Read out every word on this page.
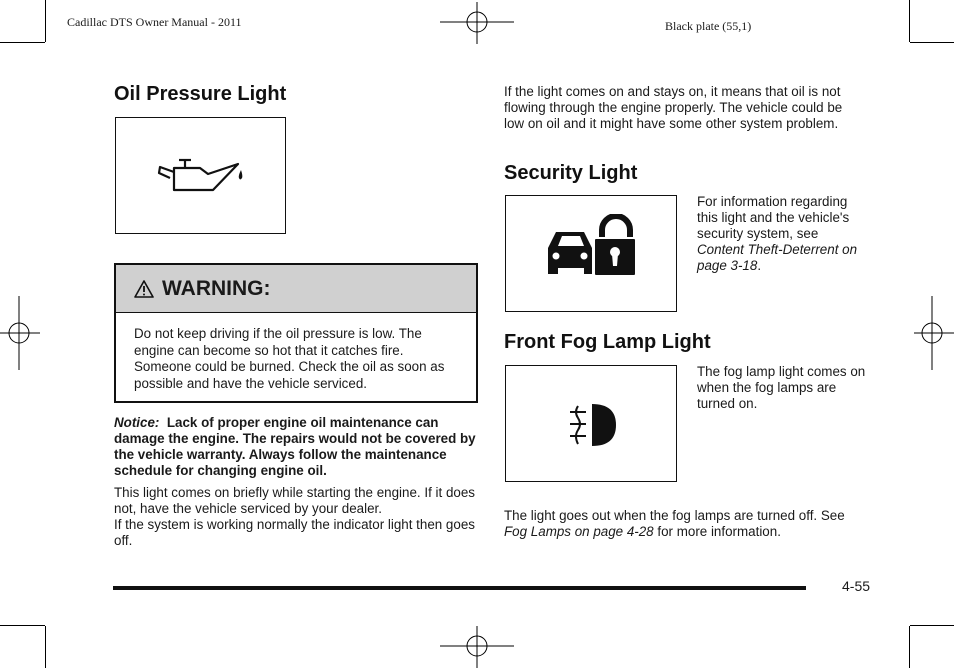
Cadillac DTS Owner Manual - 2011	Black plate (55,1)
Oil Pressure Light
WARNING:
Do not keep driving if the oil pressure is low. The engine can become so hot that it catches fire. Someone could be burned. Check the oil as soon as possible and have the vehicle serviced.
Notice: Lack of proper engine oil maintenance can damage the engine. The repairs would not be covered by the vehicle warranty. Always follow the maintenance schedule for changing engine oil.
This light comes on briefly while starting the engine. If it does not, have the vehicle serviced by your dealer.
If the system is working normally the indicator light then goes off.
If the light comes on and stays on, it means that oil is not flowing through the engine properly. The vehicle could be low on oil and it might have some other system problem.
Security Light
For information regarding this light and the vehicle's security system, see Content Theft-Deterrent on page 3-18.
Front Fog Lamp Light
The fog lamp light comes on when the fog lamps are turned on.
The light goes out when the fog lamps are turned off. See Fog Lamps on page 4-28 for more information.
4-55
